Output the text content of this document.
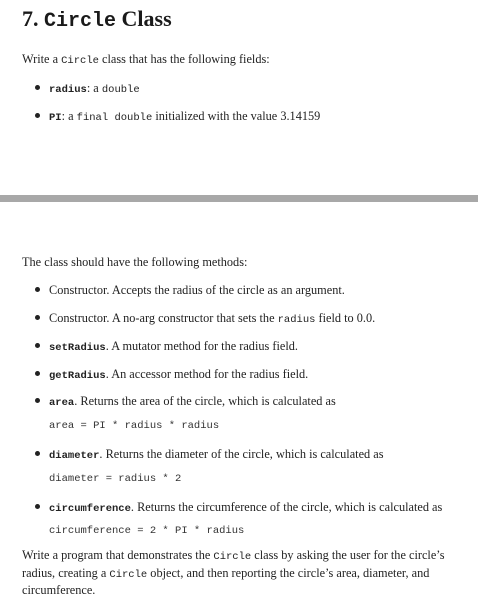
7. Circle Class

Write a Circle class that has the following fields:

radius: a double
PI: a final double initialized with the value 3.14159

The class should have the following methods:

Constructor. Accepts the radius of the circle as an argument.
Constructor. A no-arg constructor that sets the radius field to 0.0.
setRadius. A mutator method for the radius field.
getRadius. An accessor method for the radius field.
area. Returns the area of the circle, which is calculated as
area = PI * radius * radius
diameter. Returns the diameter of the circle, which is calculated as
diameter = radius * 2
circumference. Returns the circumference of the circle, which is calculated as
circumference = 2 * PI * radius

Write a program that demonstrates the Circle class by asking the user for the circle’s radius, creating a Circle object, and then reporting the circle’s area, diameter, and circumference.
